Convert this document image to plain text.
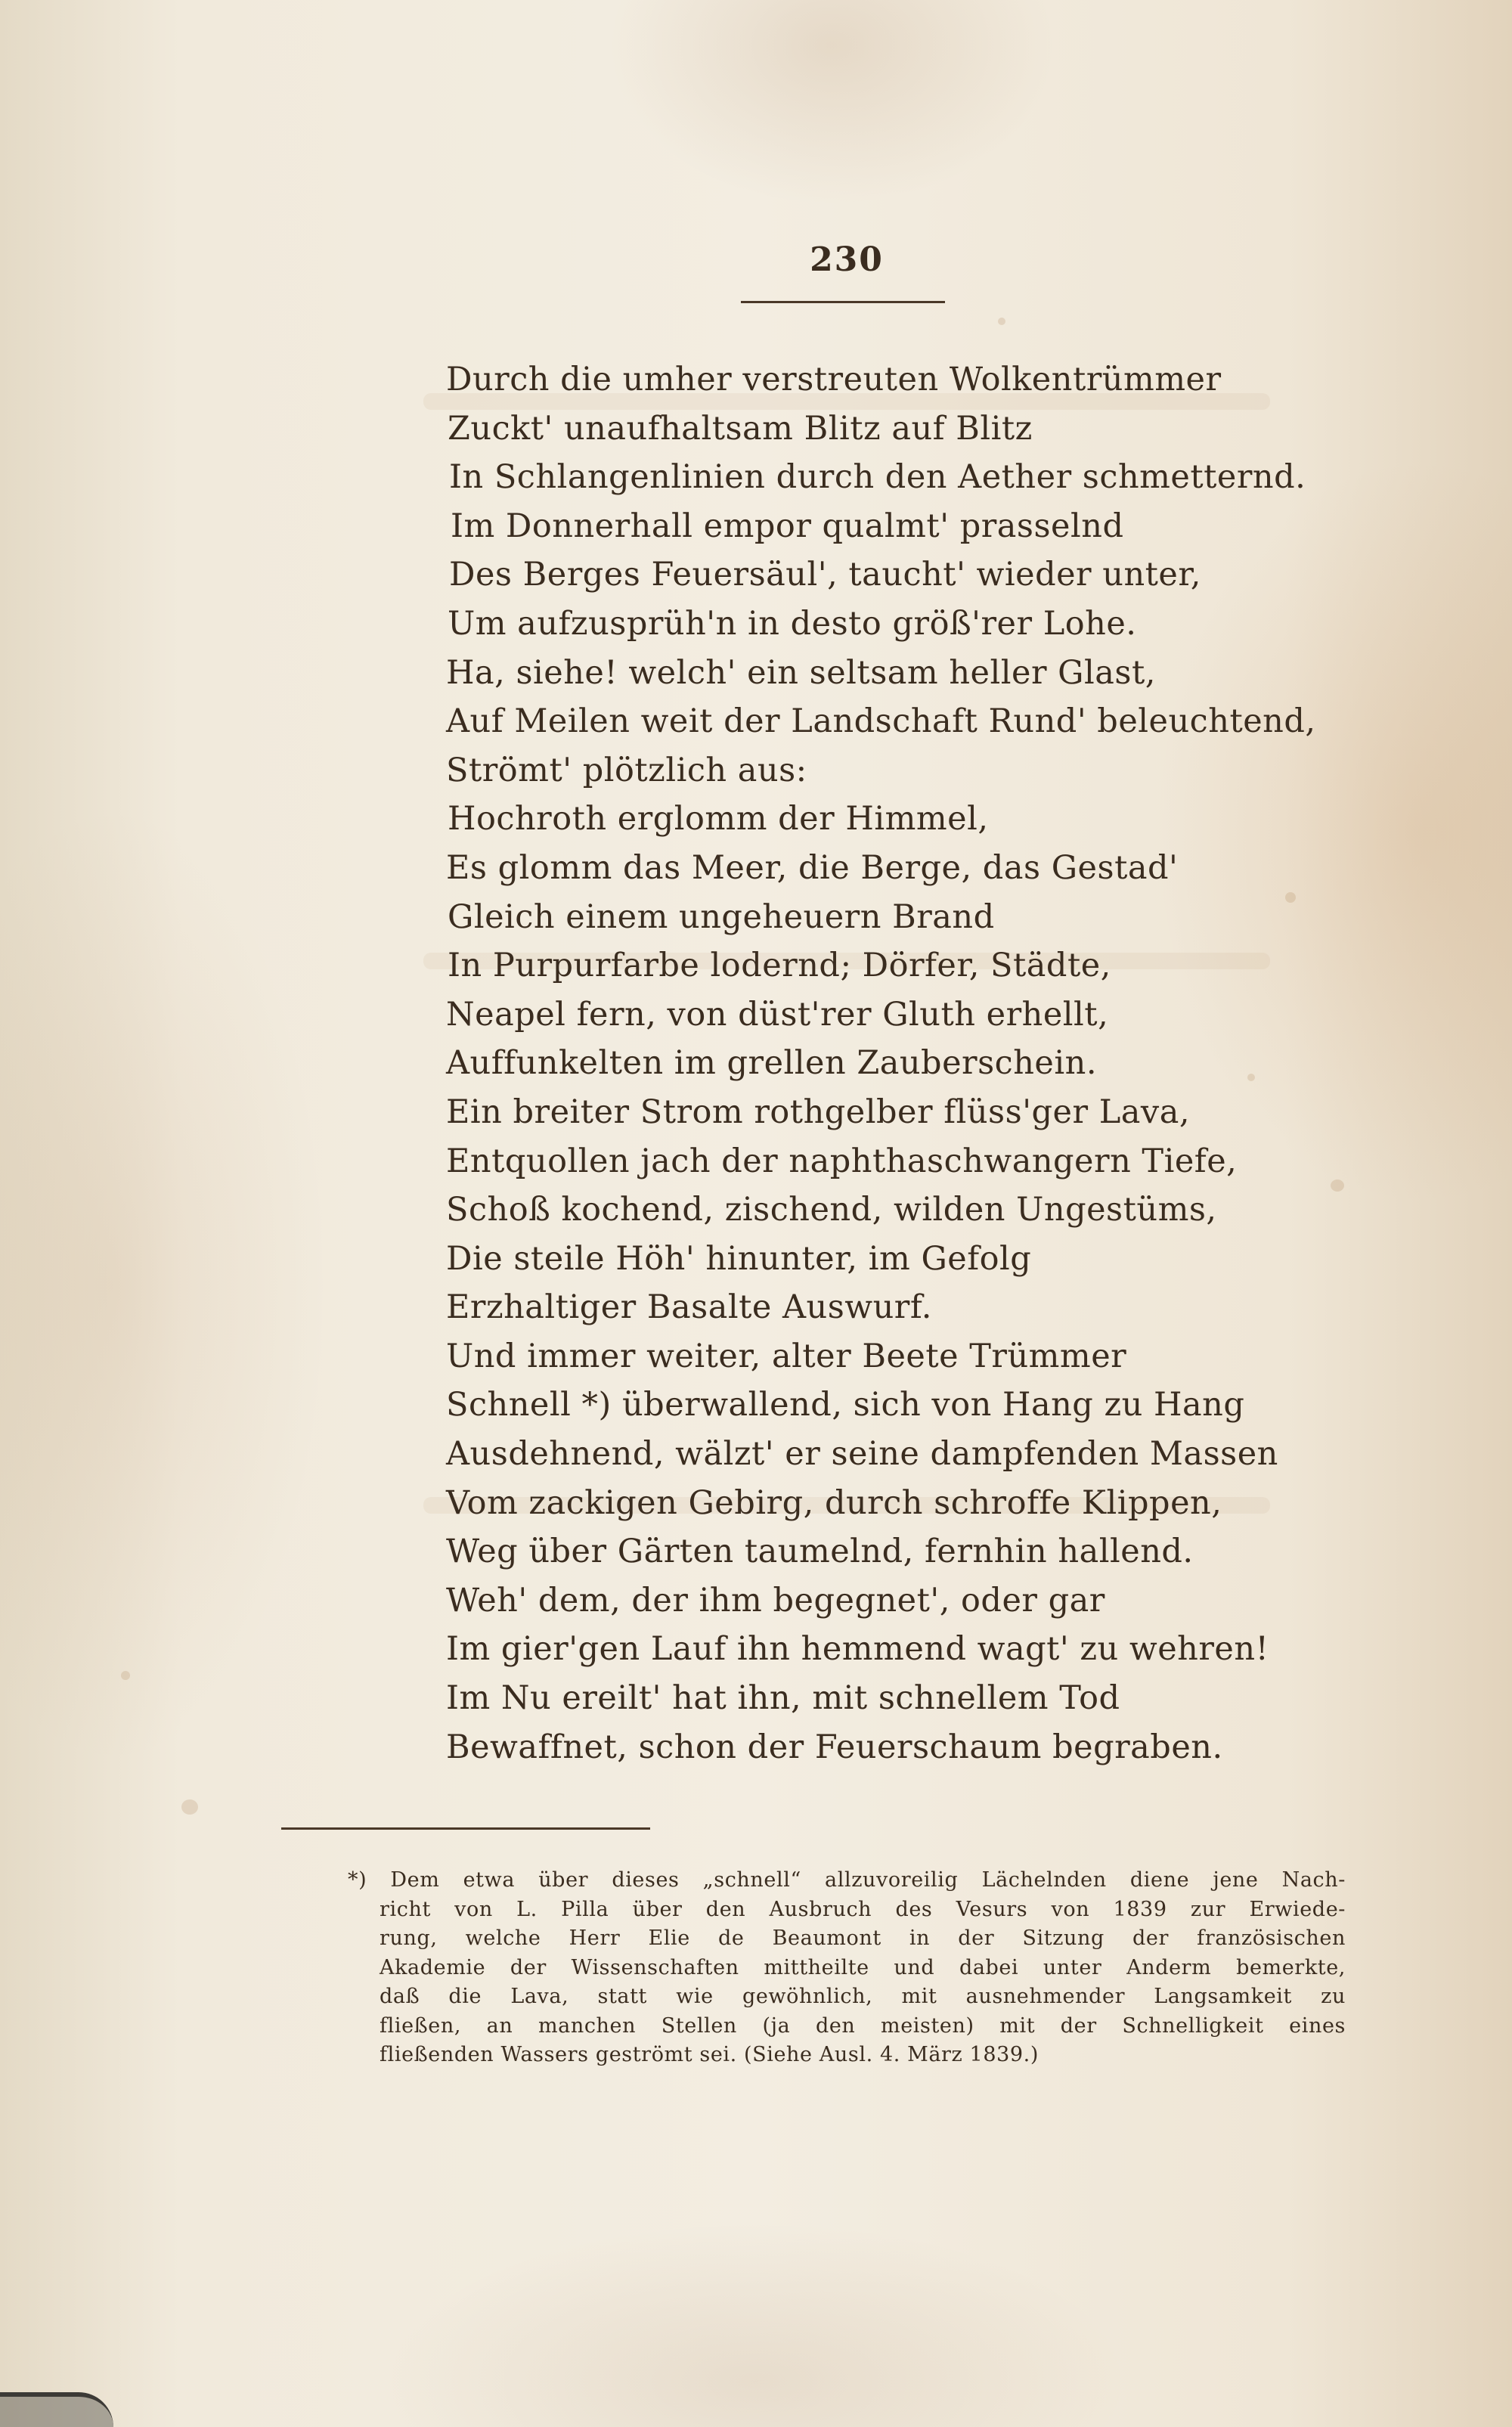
230
Durch die umher verstreuten Wolkentrümmer
Zuckt' unaufhaltsam Blitz auf Blitz
In Schlangenlinien durch den Aether schmetternd.
Im Donnerhall empor qualmt' prasselnd
Des Berges Feuersäul', taucht' wieder unter,
Um aufzusprüh'n in desto größ'rer Lohe.
Ha, siehe! welch' ein seltsam heller Glast,
Auf Meilen weit der Landschaft Rund' beleuchtend,
Strömt' plötzlich aus:
Hochroth erglomm der Himmel,
Es glomm das Meer, die Berge, das Gestad'
Gleich einem ungeheuern Brand
In Purpurfarbe lodernd; Dörfer, Städte,
Neapel fern, von düst'rer Gluth erhellt,
Auffunkelten im grellen Zauberschein.
Ein breiter Strom rothgelber flüss'ger Lava,
Entquollen jach der naphthaschwangern Tiefe,
Schoß kochend, zischend, wilden Ungestüms,
Die steile Höh' hinunter, im Gefolg
Erzhaltiger Basalte Auswurf.
Und immer weiter, alter Beete Trümmer
Schnell *) überwallend, sich von Hang zu Hang
Ausdehnend, wälzt' er seine dampfenden Massen
Vom zackigen Gebirg, durch schroffe Klippen,
Weg über Gärten taumelnd, fernhin hallend.
Weh' dem, der ihm begegnet', oder gar
Im gier'gen Lauf ihn hemmend wagt' zu wehren!
Im Nu ereilt' hat ihn, mit schnellem Tod
Bewaffnet, schon der Feuerschaum begraben.
*) Dem etwa über dieses „schnell“ allzuvoreilig Lächelnden diene jene Nach-
richt von L. Pilla über den Ausbruch des Vesurs von 1839 zur Erwiede-
rung, welche Herr Elie de Beaumont in der Sitzung der französischen
Akademie der Wissenschaften mittheilte und dabei unter Anderm bemerkte,
daß die Lava, statt wie gewöhnlich, mit ausnehmender Langsamkeit zu
fließen, an manchen Stellen (ja den meisten) mit der Schnelligkeit eines
fließenden Wassers geströmt sei. (Siehe Ausl. 4. März 1839.)
